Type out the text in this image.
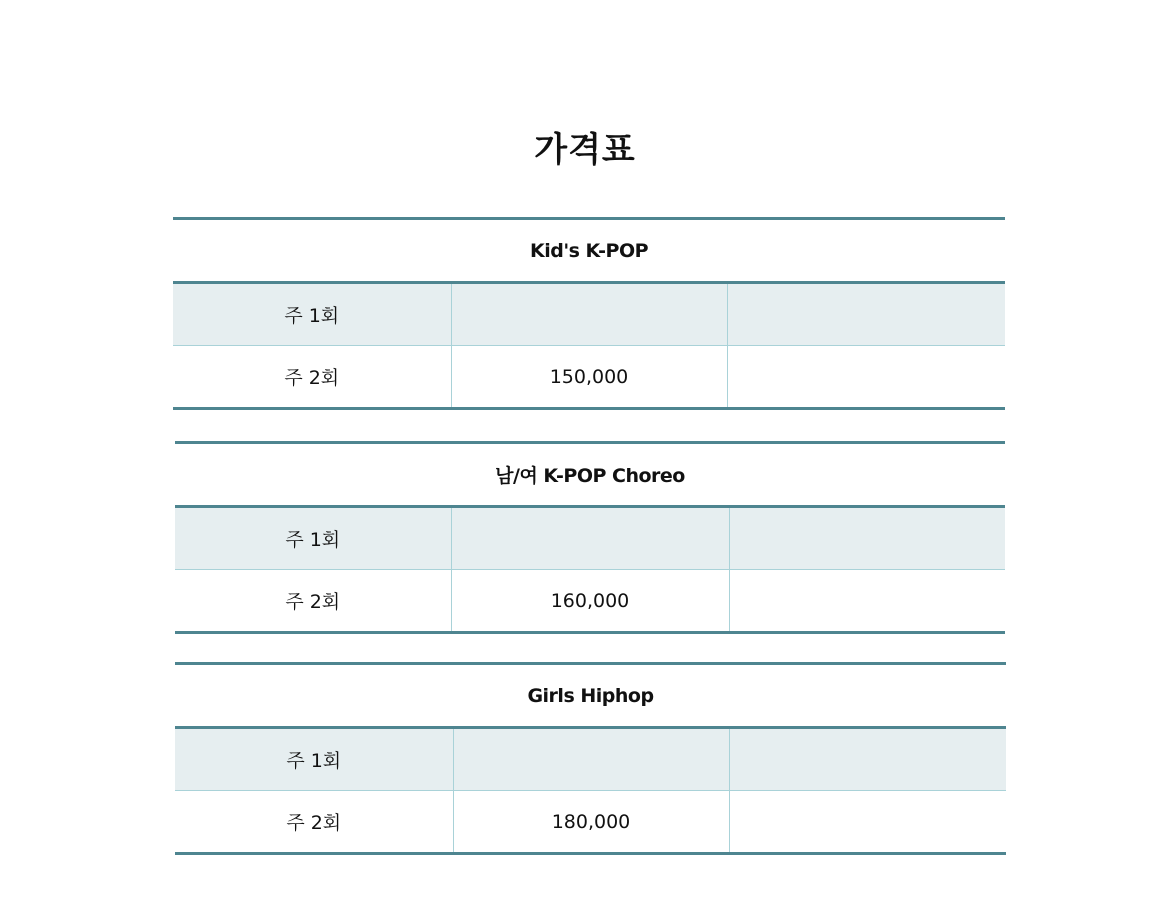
가격표
Kid's K-POP		
주 1회		
주 2회	150,000	
남/여 K-POP Choreo		
주 1회		
주 2회	160,000	
Girls Hiphop		
주 1회		
주 2회	180,000	
